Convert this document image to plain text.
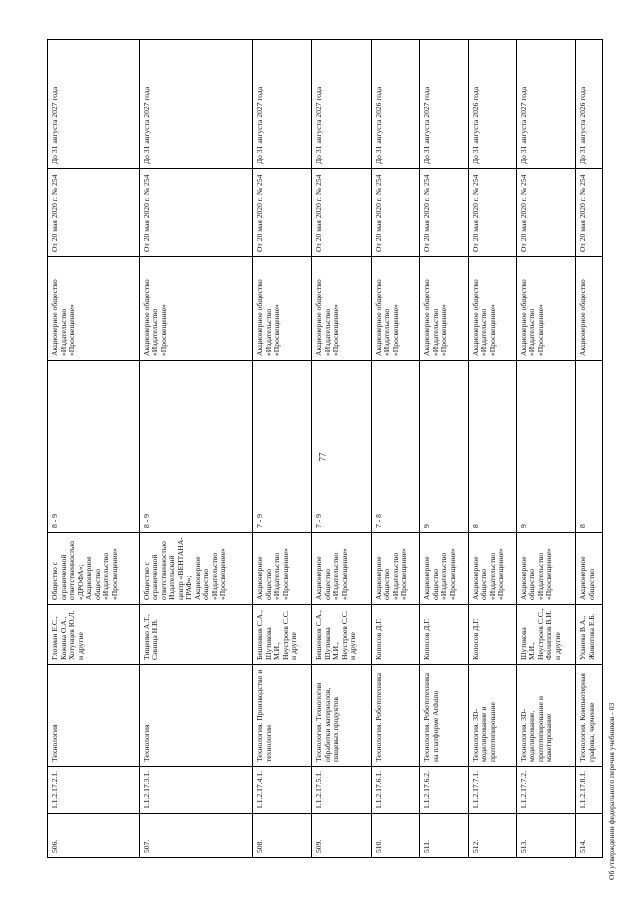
77
506.	1.1.2.17.2.1.	Технология	Глозман Е.С., Кожина О.А., Хотунцев Ю.Л. и другие	Общество с ограниченной ответственностью «ДРОФА»; Акционерное общество «Издательство «Просвещение»	8 - 9	Акционерное общество «Издательство «Просвещение»	От 20 мая 2020 г. № 254	До 31 августа 2027 года
507.	1.1.2.17.3.1.	Технология	Тищенко А.Т., Синица Н.В.	Общество с ограниченной ответственностью Издательский центр «ВЕНТАНА-ГРАФ»; Акционерное общество «Издательство «Просвещение»	8 - 9	Акционерное общество «Издательство «Просвещение»	От 20 мая 2020 г. № 254	До 31 августа 2027 года
508.	1.1.2.17.4.1.	Технология. Производство и технологии	Бешенков С.А., Шутикова М.И., Неустроев С.С. и другие	Акционерное общество «Издательство «Просвещение»	7 - 9	Акционерное общество «Издательство «Просвещение»	От 20 мая 2020 г. № 254	До 31 августа 2027 года
509.	1.1.2.17.5.1.	Технология. Технологии обработки материалов, пищевых продуктов	Бешенков С.А., Шутикова М.И., Неустроев С.С. и другие	Акционерное общество «Издательство «Просвещение»	7 - 9	Акционерное общество «Издательство «Просвещение»	От 20 мая 2020 г. № 254	До 31 августа 2027 года
510.	1.1.2.17.6.1.	Технология. Робототехника	Копосов Д.Г.	Акционерное общество «Издательство «Просвещение»	7 - 8	Акционерное общество «Издательство «Просвещение»	От 20 мая 2020 г. № 254	До 31 августа 2026 года
511.	1.1.2.17.6.2.	Технология. Робототехника на платформе Arduino	Копосов Д.Г.	Акционерное общество «Издательство «Просвещение»	9	Акционерное общество «Издательство «Просвещение»	От 20 мая 2020 г. № 254	До 31 августа 2027 года
512.	1.1.2.17.7.1.	Технология. 3D-моделирование и прототипирование	Копосов Д.Г.	Акционерное общество «Издательство «Просвещение»	8	Акционерное общество «Издательство «Просвещение»	От 20 мая 2020 г. № 254	До 31 августа 2026 года
513.	1.1.2.17.7.2.	Технология. 3D-моделирование, прототипирование и макетирование	Шутикова М.И., Неустроев С.С., Филиппов В.И. и другие	Акционерное общество «Издательство «Просвещение»	9	Акционерное общество «Издательство «Просвещение»	От 20 мая 2020 г. № 254	До 31 августа 2027 года
514.	1.1.2.17.8.1.	Технология. Компьютерная графика, черчение	Уханева В.А., Животова Е.Б.	Акционерное общество	8	Акционерное общество	От 20 мая 2020 г. № 254	До 31 августа 2026 года
Об утверждении федерального перечня учебников - 03
